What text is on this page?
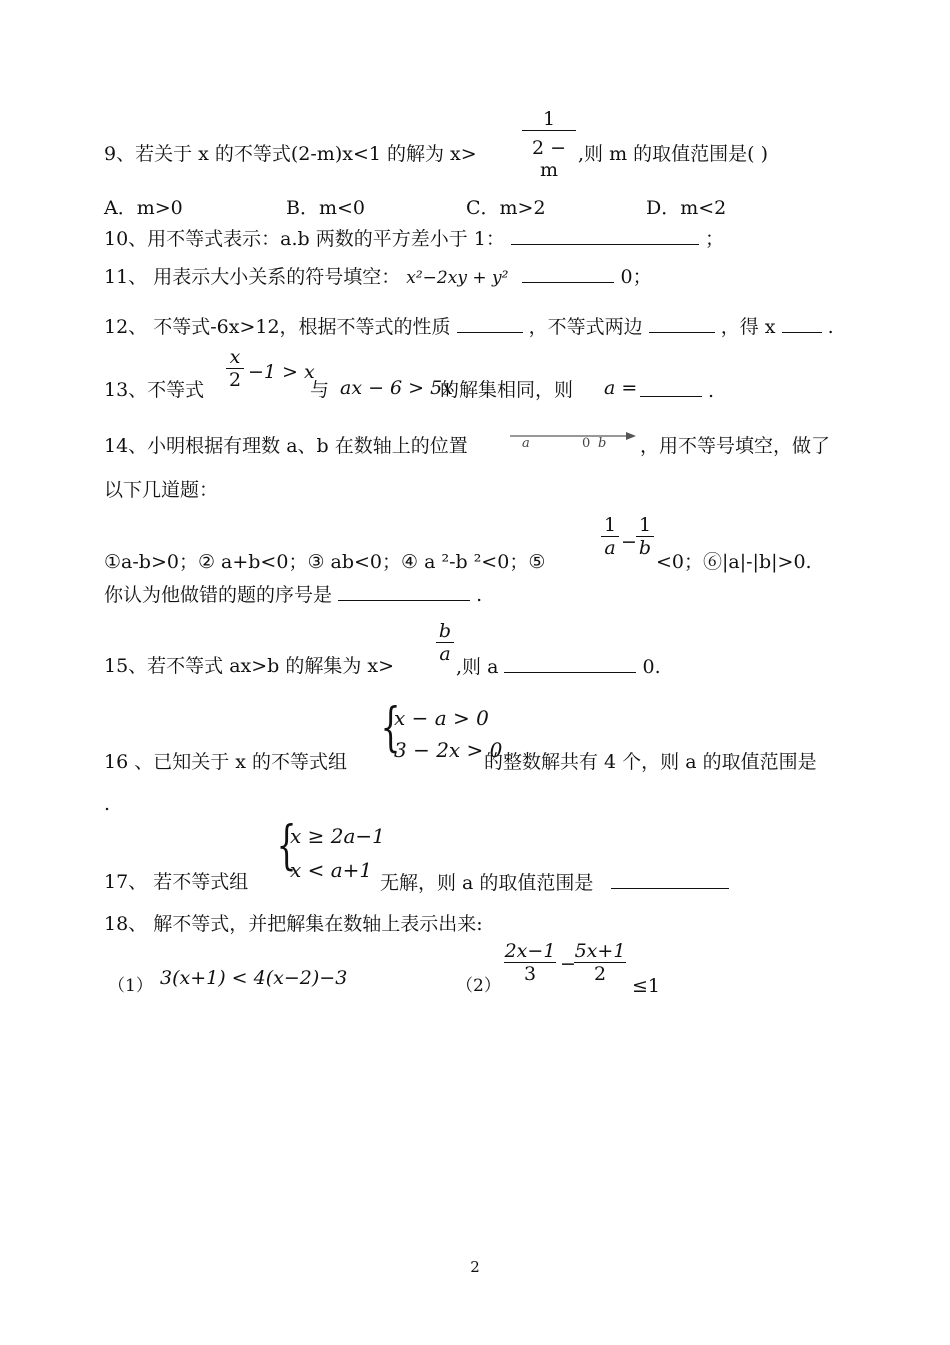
9、若关于 x 的不等式(2-m)x<1 的解为 x>
1
2 − m
,则 m 的取值范围是( )
A．m>0	B．m<0	C．m>2	D．m<2
10、用不等式表示：a.b 两数的平方差小于 1：	；
11、 用表示大小关系的符号填空： x²−2xy + y²	0；
12、 不等式-6x>12，根据不等式的性质	，不等式两边	，得 x	.
13、不等式
x
2 −1 > x
与 ax − 6 > 5x
的解集相同，则 a =	.
14、小明根据有理数 a、b 在数轴上的位置	a	0 b ，用不等号填空，做了
以下几道题：
①a-b>0；② a+b<0；③ ab<0；④ a ²-b ²<0；⑤
1
a −
1
b
<0；⑥|a|-|b|>0.
你认为他做错的题的序号是	.
15、若不等式 ax>b 的解集为 x>
b
a
,则 a	0.
{
x − a > 0
3 − 2x > 0
16 、已知关于 x 的不等式组	的整数解共有 4 个，则 a 的取值范围是
.
{
x ≥ 2a−1
x < a+1
17、 若不等式组	无解，则 a 的取值范围是
18、 解不等式，并把解集在数轴上表示出来:
（1） 3(x+1) < 4(x−2)−3	（2）
2x−1
3	−
5x+1
2
≤1
2
